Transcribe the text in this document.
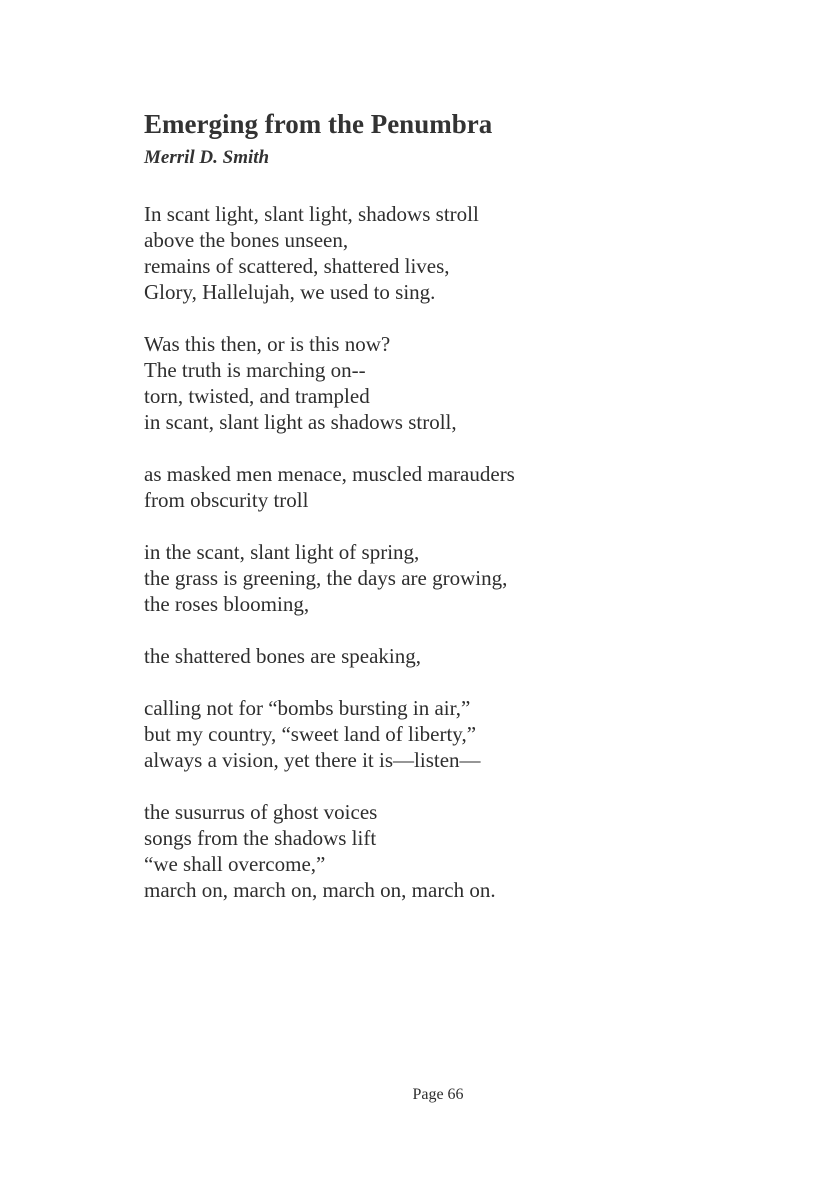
Emerging from the Penumbra

Merril D. Smith

In scant light, slant light, shadows stroll
above the bones unseen,
remains of scattered, shattered lives,
Glory, Hallelujah, we used to sing.
Was this then, or is this now?
The truth is marching on--
torn, twisted, and trampled
in scant, slant light as shadows stroll,
as masked men menace, muscled marauders
from obscurity troll
in the scant, slant light of spring,
the grass is greening, the days are growing,
the roses blooming,
the shattered bones are speaking,
calling not for “bombs bursting in air,”
but my country, “sweet land of liberty,”
always a vision, yet there it is—listen—
the susurrus of ghost voices
songs from the shadows lift
“we shall overcome,”
march on, march on, march on, march on.

Page 66
